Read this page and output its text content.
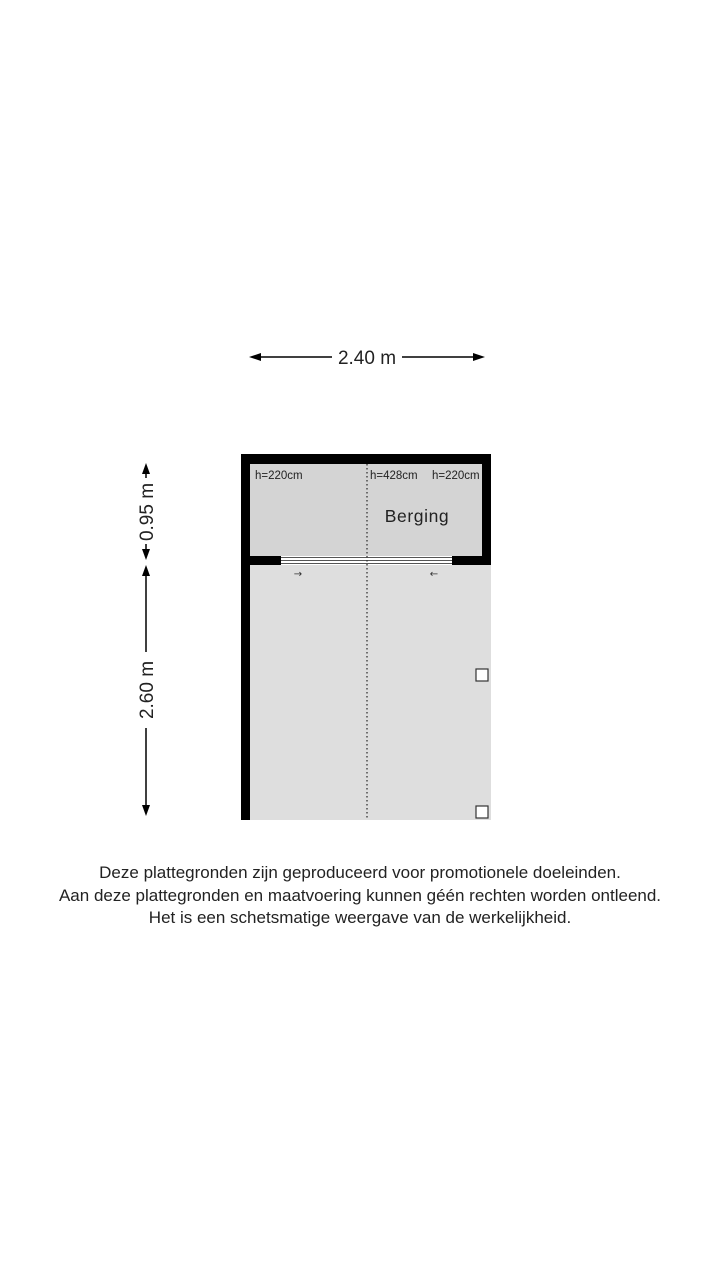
2.40 m
0.95 m
2.60 m
→	←
h=220cm	h=428cm h=220cm
Berging
Deze plattegronden zijn geproduceerd voor promotionele doeleinden.
Aan deze plattegronden en maatvoering kunnen géén rechten worden ontleend.
Het is een schetsmatige weergave van de werkelijkheid.
